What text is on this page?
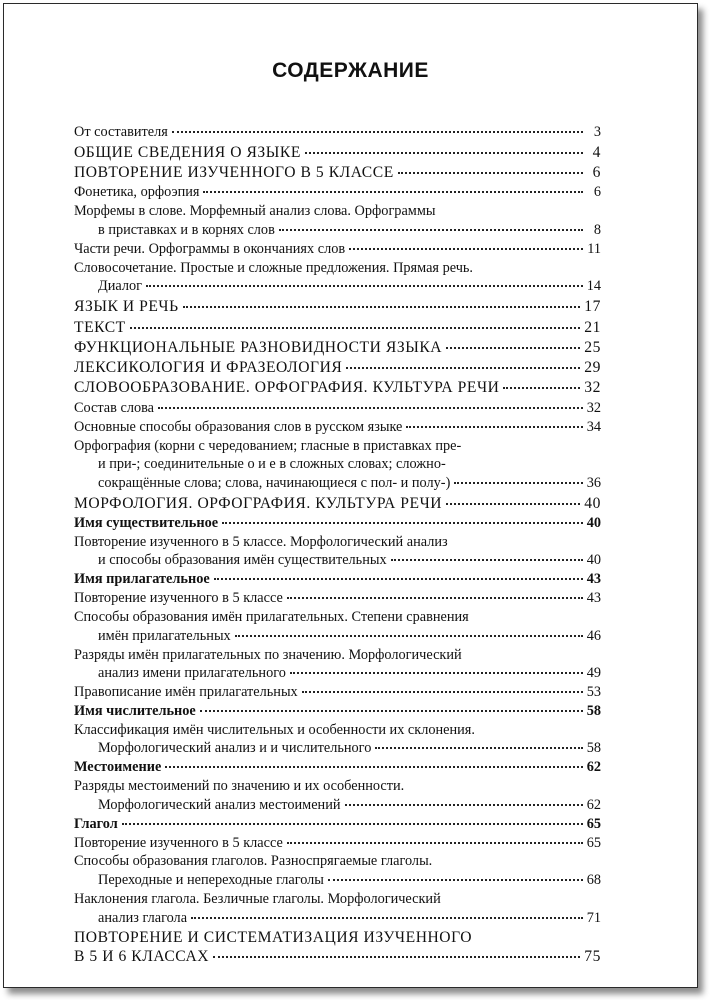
СОДЕРЖАНИЕ
От составителя	3
ОБЩИЕ СВЕДЕНИЯ О ЯЗЫКЕ	4
ПОВТОРЕНИЕ ИЗУЧЕННОГО В 5 КЛАССЕ	6
Фонетика, орфоэпия	6
Морфемы в слове. Морфемный анализ слова. Орфограммы
в приставках и в корнях слов	8
Части речи. Орфограммы в окончаниях слов	11
Словосочетание. Простые и сложные предложения. Прямая речь.
Диалог	14
ЯЗЫК И РЕЧЬ	17
ТЕКСТ	21
ФУНКЦИОНАЛЬНЫЕ РАЗНОВИДНОСТИ ЯЗЫКА	25
ЛЕКСИКОЛОГИЯ И ФРАЗЕОЛОГИЯ	29
СЛОВООБРАЗОВАНИЕ. ОРФОГРАФИЯ. КУЛЬТУРА РЕЧИ	32
Состав слова	32
Основные способы образования слов в русском языке	34
Орфография (корни с чередованием; гласные в приставках пре-
и при-; соединительные о и е в сложных словах; сложно-
сокращённые слова; слова, начинающиеся с пол- и полу-)	36
МОРФОЛОГИЯ. ОРФОГРАФИЯ. КУЛЬТУРА РЕЧИ	40
Имя существительное	40
Повторение изученного в 5 классе. Морфологический анализ
и способы образования имён существительных	40
Имя прилагательное	43
Повторение изученного в 5 классе	43
Способы образования имён прилагательных. Степени сравнения
имён прилагательных	46
Разряды имён прилагательных по значению. Морфологический
анализ имени прилагательного	49
Правописание имён прилагательных	53
Имя числительное	58
Классификация имён числительных и особенности их склонения.
Морфологический анализ и и числительного	58
Местоимение	62
Разряды местоимений по значению и их особенности.
Морфологический анализ местоимений	62
Глагол	65
Повторение изученного в 5 классе	65
Способы образования глаголов. Разноспрягаемые глаголы.
Переходные и непереходные глаголы	68
Наклонения глагола. Безличные глаголы. Морфологический
анализ глагола	71
ПОВТОРЕНИЕ И СИСТЕМАТИЗАЦИЯ ИЗУЧЕННОГО
В 5 И 6 КЛАССАХ	75
